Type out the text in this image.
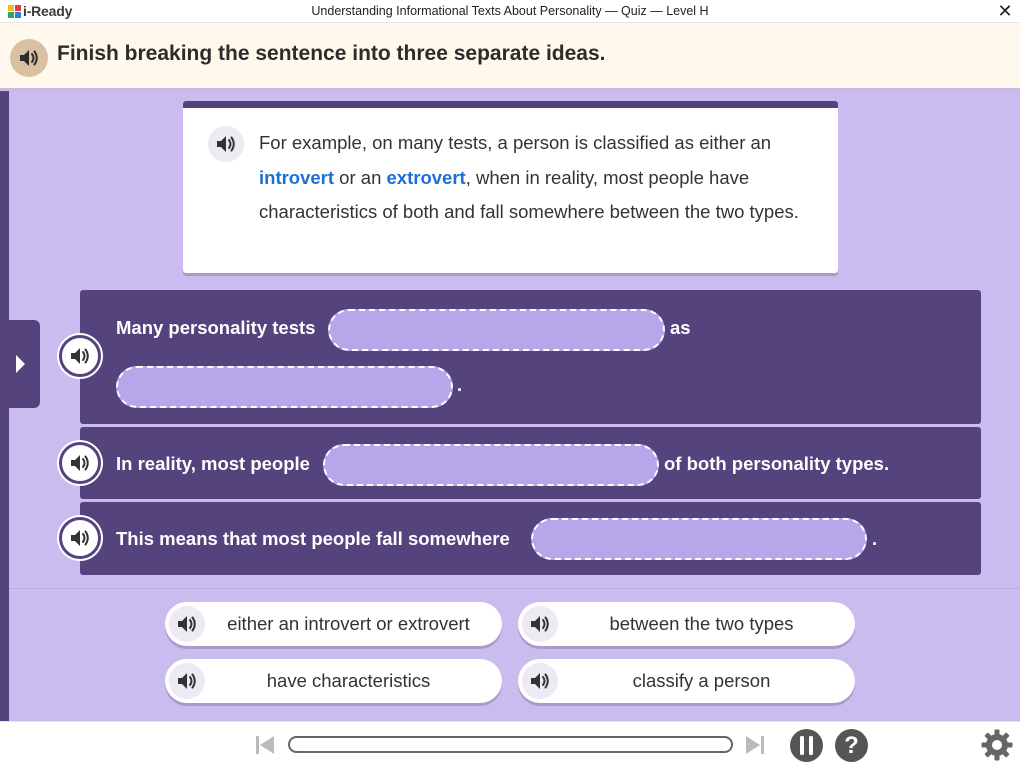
i-Ready	Understanding Informational Texts About Personality — Quiz — Level H	✕
Finish breaking the sentence into three separate ideas.
For example, on many tests, a person is classified as either an introvert or an extrovert, when in reality, most people have characteristics of both and fall somewhere between the two types.
Many personality tests	as
.
In reality, most people	of both personality types.
This means that most people fall somewhere	.
either an introvert or extrovert	between the two types
have characteristics	classify a person
?
